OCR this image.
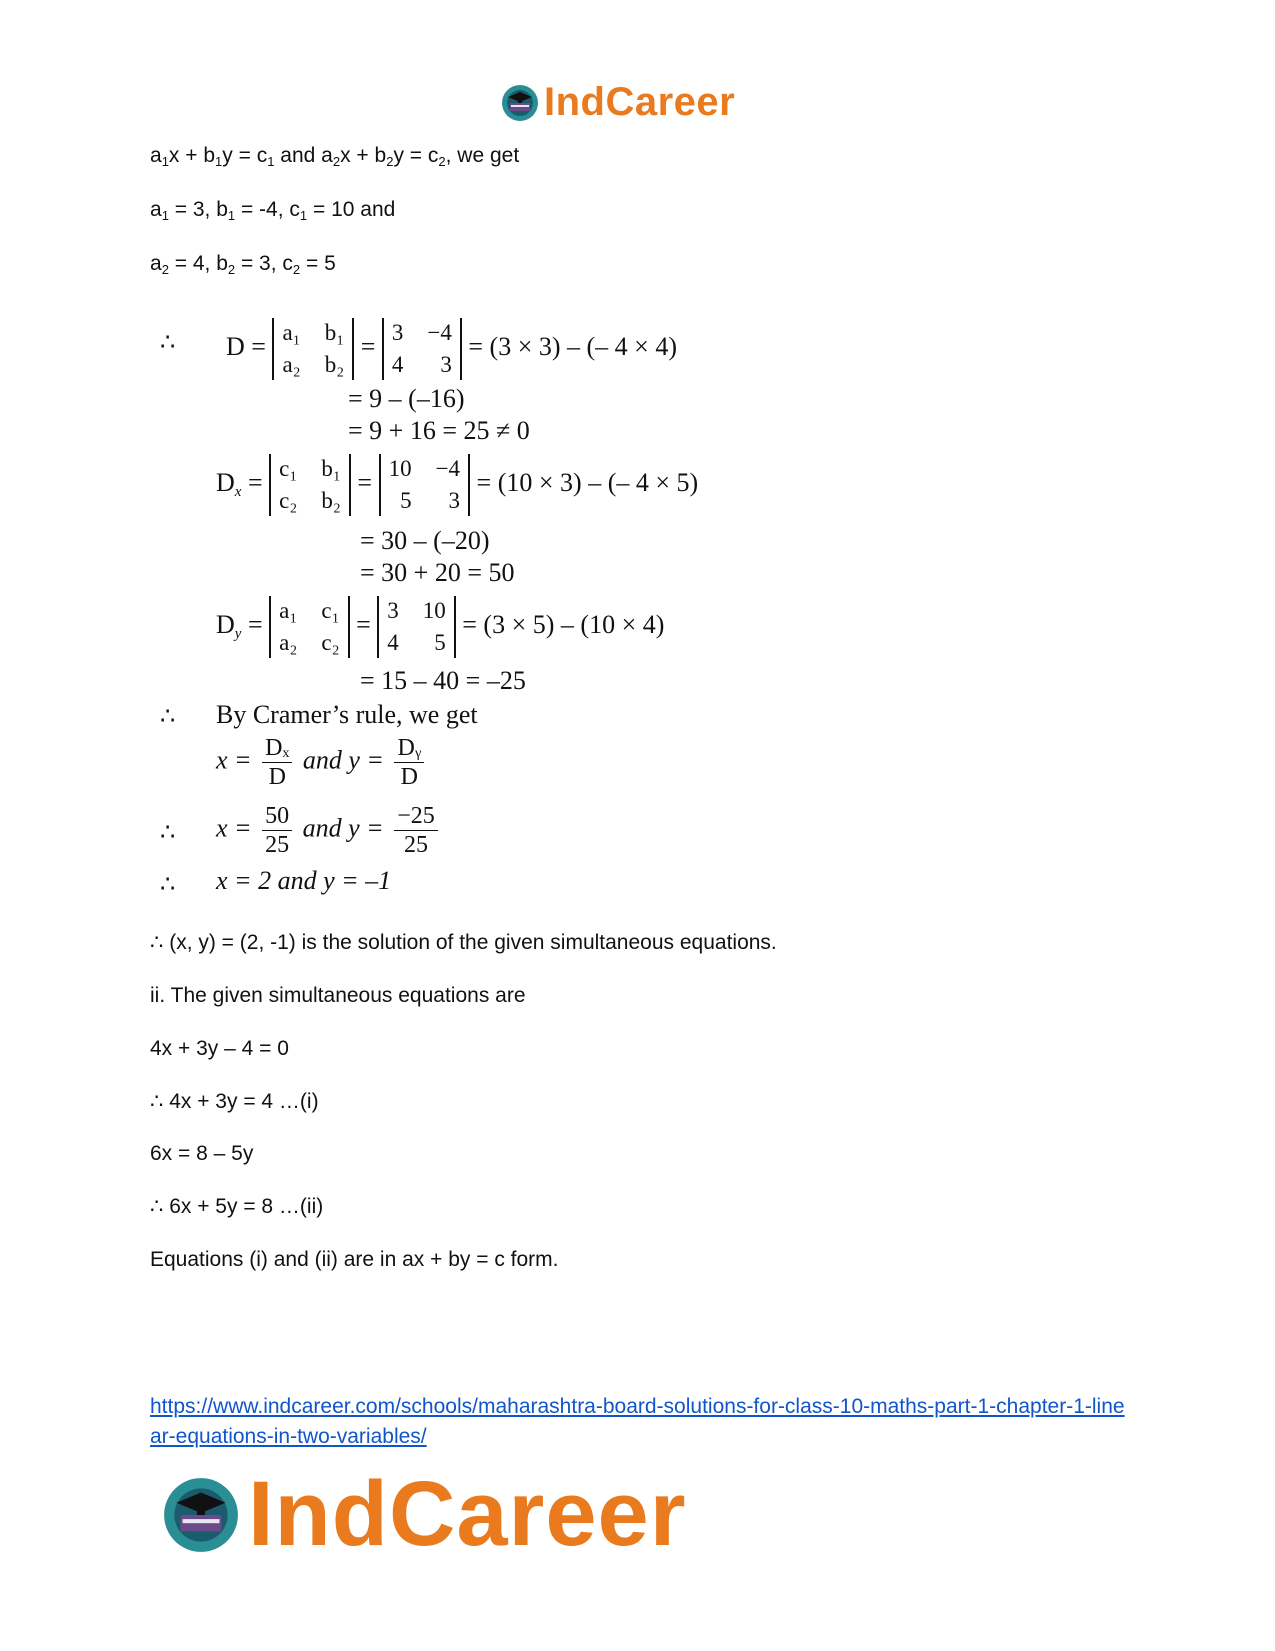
IndCareer
$a_1x + b_1y = c_1$ and $a_2x + b_2y = c_2$, we get
$a_1 = 3$, $b_1 = -4$, $c_1 = 10$ and
$a_2 = 4$, $b_2 = 3$, $c_2 = 5$
∴ D = a₁ b₁
a₂ b₂
= 3 −4
4	3
= (3 × 3) – (– 4 × 4)
= 9 – (–16)
= 9 + 16 = 25 ≠ 0
$D_x = c_1$ b₁
c₂ b₂
= 10 −4
5	3
= (10 × 3) – (– 4 × 5)
= 30 – (–20)
= 30 + 20 = 50
$D_y = a_1$ c₁
a₂ c₂
= 3 10
4	5
= (3 × 5) – (10 × 4)
= 15 – 40 = –25
∴ By Cramer’s rule, we get
$x = \frac{\text{Dₓ}}{D}$ and $y = \frac{\text{Dᵧ}}{D}$
∴ $x = \frac{50}{25}$ and $y = \frac{-25}{25}$
∴ x = 2 and y = –1
∴ (x, y) = (2, -1) is the solution of the given simultaneous equations.
ii. The given simultaneous equations are
4x + 3y – 4 = 0
∴ 4x + 3y = 4 …(i)
6x = 8 – 5y
∴ 6x + 5y = 8 …(ii)
Equations (i) and (ii) are in ax + by = c form.
https://www.indcareer.com/schools/maharashtra-board-solutions-for-class-10-maths-part-1-chapter-1-linear-equations-in-two-variables/
IndCareer
